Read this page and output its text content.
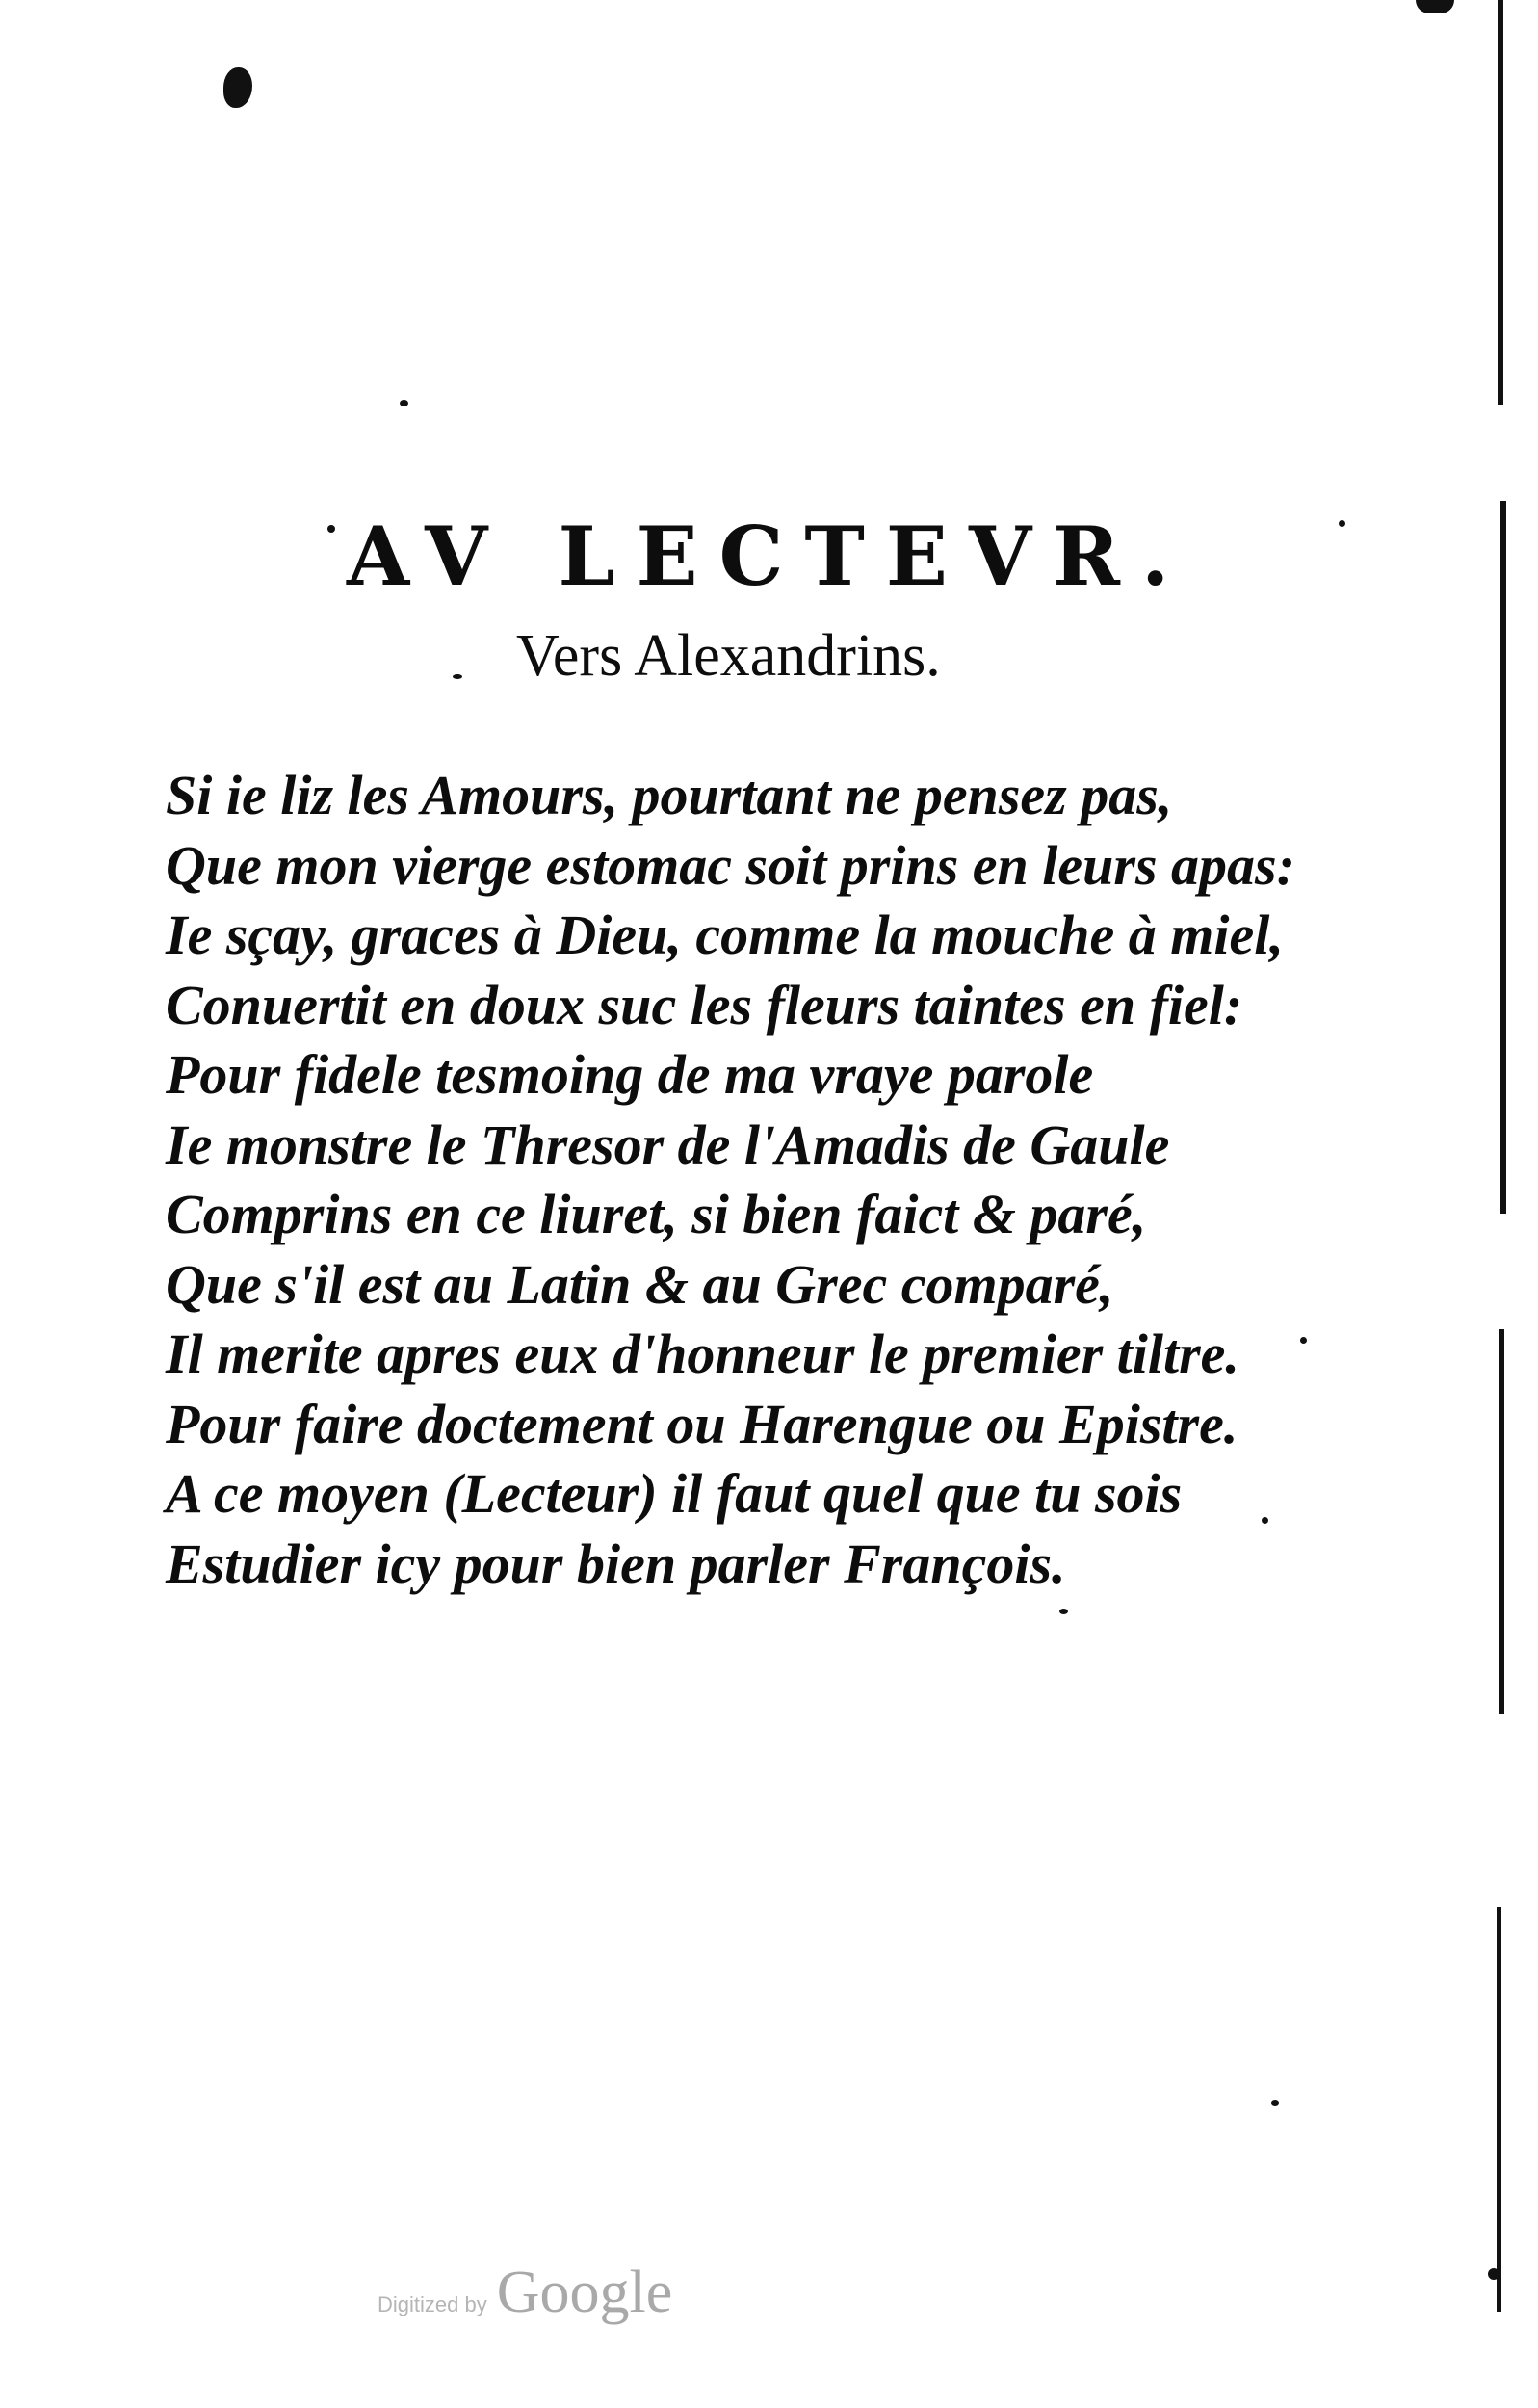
AV LECTEVR.
Vers Alexandrins.
Si ie liz les Amours, pourtant ne pensez pas,
Que mon vierge estomac soit prins en leurs apas:
Ie sçay, graces à Dieu, comme la mouche à miel,
Conuertit en doux suc les fleurs taintes en fiel:
Pour fidele tesmoing de ma vraye parole
Ie monstre le Thresor de l'Amadis de Gaule
Comprins en ce liuret, si bien faict & paré,
Que s'il est au Latin & au Grec comparé,
Il merite apres eux d'honneur le premier tiltre.
Pour faire doctement ou Harengue ou Epistre.
A ce moyen (Lecteur) il faut quel que tu sois
Estudier icy pour bien parler François.
Digitized by Google
